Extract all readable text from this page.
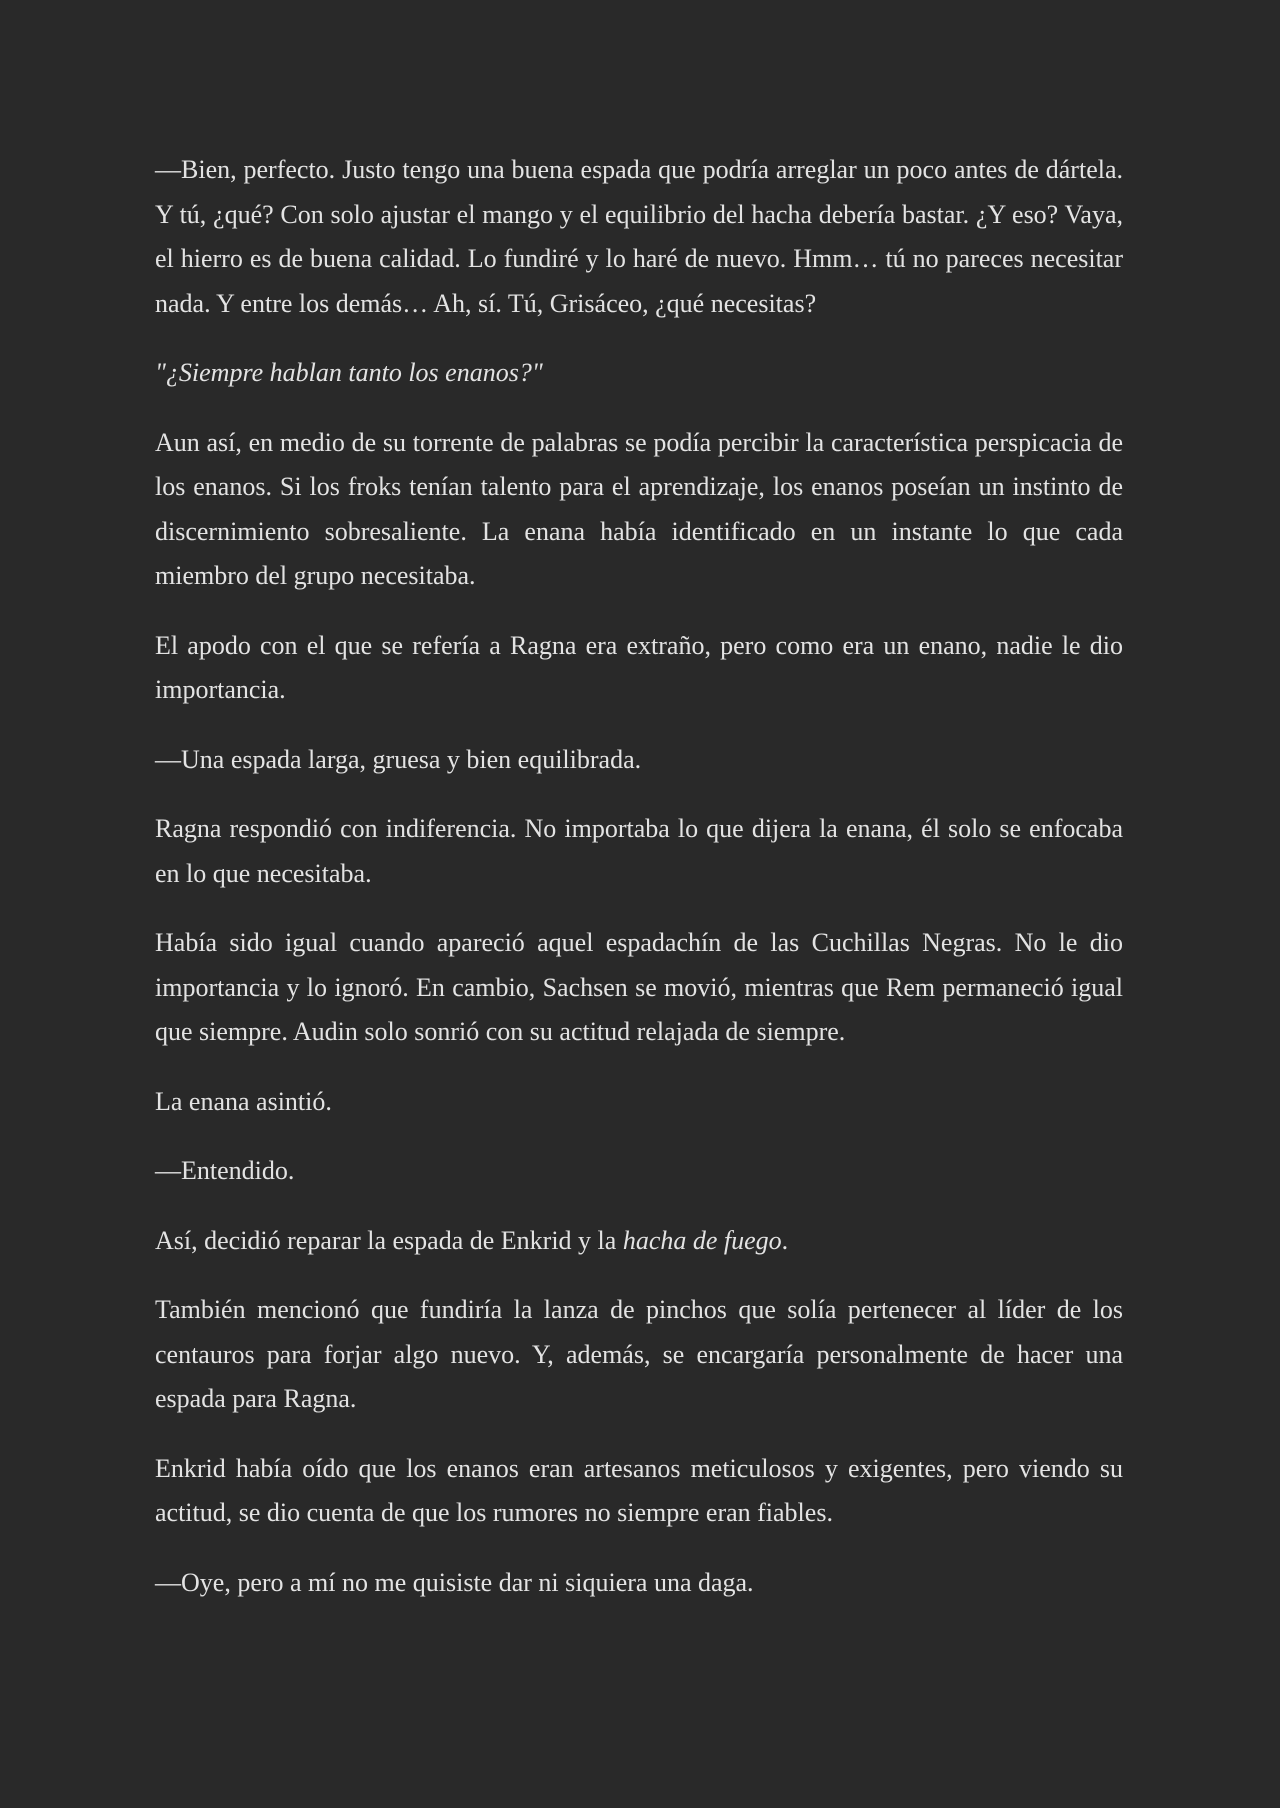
—Bien, perfecto. Justo tengo una buena espada que podría arreglar un poco antes de dártela. Y tú, ¿qué? Con solo ajustar el mango y el equilibrio del hacha debería bastar. ¿Y eso? Vaya, el hierro es de buena calidad. Lo fundiré y lo haré de nuevo. Hmm… tú no pareces necesitar nada. Y entre los demás… Ah, sí. Tú, Grisáceo, ¿qué necesitas?

"¿Siempre hablan tanto los enanos?"

Aun así, en medio de su torrente de palabras se podía percibir la característica perspicacia de los enanos. Si los froks tenían talento para el aprendizaje, los enanos poseían un instinto de discernimiento sobresaliente. La enana había identificado en un instante lo que cada miembro del grupo necesitaba.

El apodo con el que se refería a Ragna era extraño, pero como era un enano, nadie le dio importancia.

—Una espada larga, gruesa y bien equilibrada.

Ragna respondió con indiferencia. No importaba lo que dijera la enana, él solo se enfocaba en lo que necesitaba.

Había sido igual cuando apareció aquel espadachín de las Cuchillas Negras. No le dio importancia y lo ignoró. En cambio, Sachsen se movió, mientras que Rem permaneció igual que siempre. Audin solo sonrió con su actitud relajada de siempre.

La enana asintió.

—Entendido.

Así, decidió reparar la espada de Enkrid y la hacha de fuego.

También mencionó que fundiría la lanza de pinchos que solía pertenecer al líder de los centauros para forjar algo nuevo. Y, además, se encargaría personalmente de hacer una espada para Ragna.

Enkrid había oído que los enanos eran artesanos meticulosos y exigentes, pero viendo su actitud, se dio cuenta de que los rumores no siempre eran fiables.

—Oye, pero a mí no me quisiste dar ni siquiera una daga.
